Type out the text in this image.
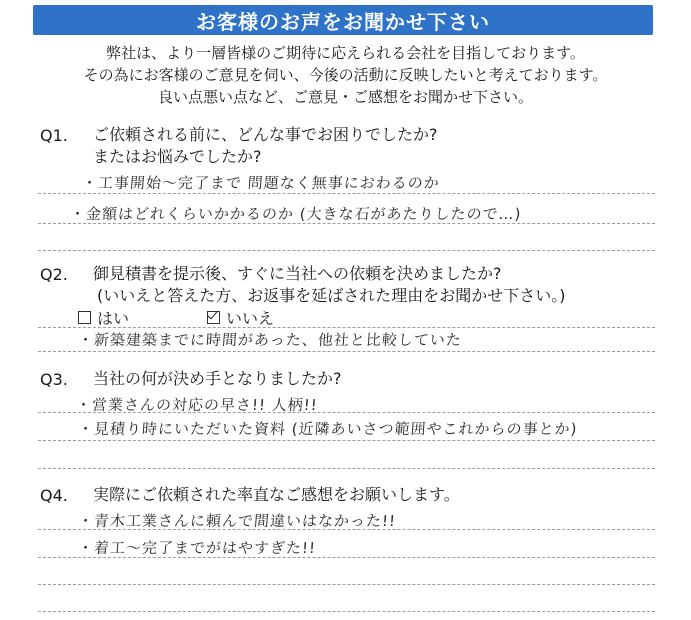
お客様のお声をお聞かせ下さい
弊社は、より一層皆様のご期待に応えられる会社を目指しております。
その為にお客様のご意見を伺い、今後の活動に反映したいと考えております。
良い点悪い点など、ご意見・ご感想をお聞かせ下さい。
Q1. ご依頼される前に、どんな事でお困りでしたか?
またはお悩みでしたか?
・工事開始～完了まで 問題なく無事におわるのか
・金額はどれくらいかかるのか (大きな石があたりしたので…)
Q2. 御見積書を提示後、すぐに当社への依頼を決めましたか?
(いいえと答えた方、お返事を延ばされた理由をお聞かせ下さい。)
はい	いいえ
・新築建築までに時間があった、他社と比較していた
Q3. 当社の何が決め手となりましたか?
・営業さんの対応の早さ!! 人柄!!
・見積り時にいただいた資料 (近隣あいさつ範囲やこれからの事とか)
Q4. 実際にご依頼された率直なご感想をお願いします。
・青木工業さんに頼んで間違いはなかった!!
・着工～完了までがはやすぎた!!
